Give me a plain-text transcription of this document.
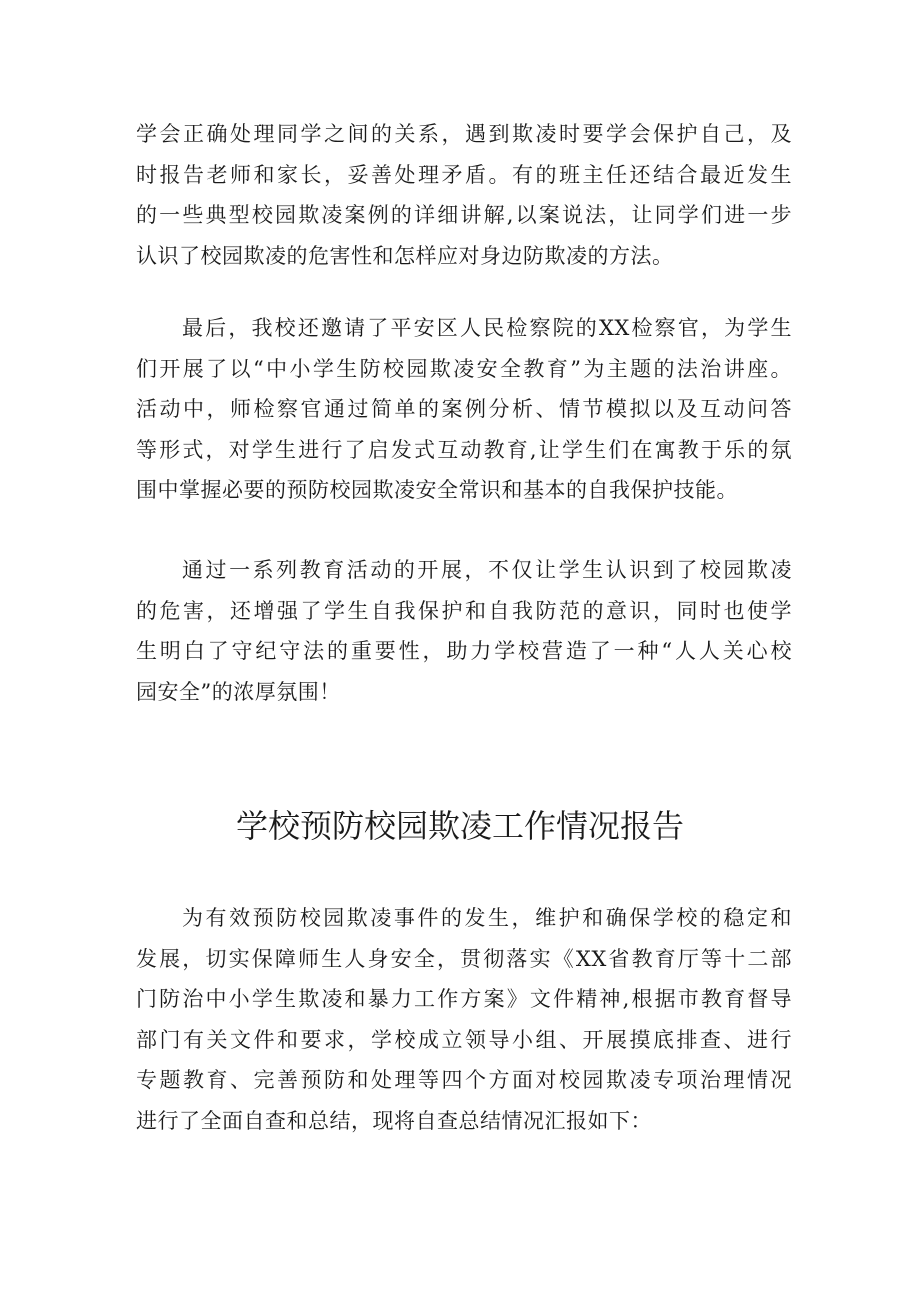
学会正确处理同学之间的关系，遇到欺凌时要学会保护自己，及
时报告老师和家长，妥善处理矛盾。有的班主任还结合最近发生
的一些典型校园欺凌案例的详细讲解,以案说法，让同学们进一步
认识了校园欺凌的危害性和怎样应对身边防欺凌的方法。

最后，我校还邀请了平安区人民检察院的XX检察官，为学生
们开展了以“中小学生防校园欺凌安全教育”为主题的法治讲座。
活动中，师检察官通过简单的案例分析、情节模拟以及互动问答
等形式，对学生进行了启发式互动教育,让学生们在寓教于乐的氛
围中掌握必要的预防校园欺凌安全常识和基本的自我保护技能。

通过一系列教育活动的开展，不仅让学生认识到了校园欺凌
的危害，还增强了学生自我保护和自我防范的意识，同时也使学
生明白了守纪守法的重要性，助力学校营造了一种“人人关心校
园安全”的浓厚氛围！

学校预防校园欺凌工作情况报告

为有效预防校园欺凌事件的发生，维护和确保学校的稳定和
发展，切实保障师生人身安全，贯彻落实《XX省教育厅等十二部
门防治中小学生欺凌和暴力工作方案》文件精神,根据市教育督导
部门有关文件和要求，学校成立领导小组、开展摸底排查、进行
专题教育、完善预防和处理等四个方面对校园欺凌专项治理情况
进行了全面自查和总结，现将自查总结情况汇报如下：
